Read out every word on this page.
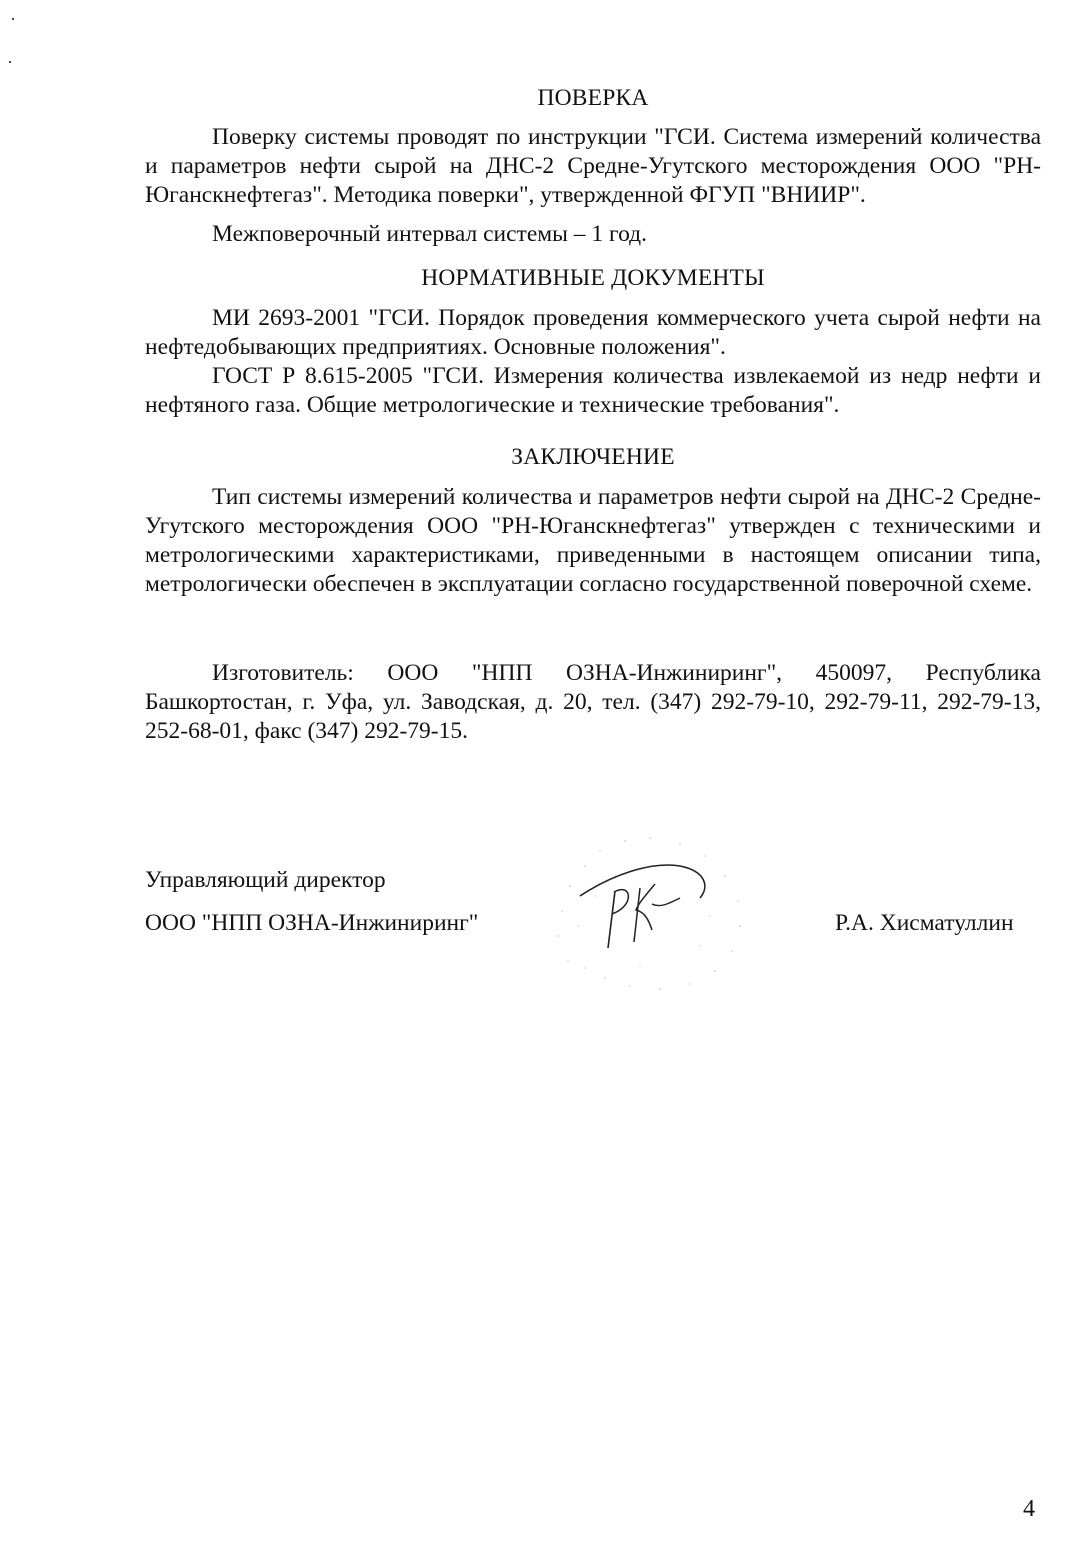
ПОВЕРКА

Поверку системы проводят по инструкции "ГСИ. Система измерений количества и параметров нефти сырой на ДНС-2 Средне-Угутского месторождения ООО "РН-Юганскнефтегаз". Методика поверки", утвержденной ФГУП "ВНИИР".

Межповерочный интервал системы – 1 год.

НОРМАТИВНЫЕ ДОКУМЕНТЫ

МИ 2693-2001 "ГСИ. Порядок проведения коммерческого учета сырой нефти на нефтедобывающих предприятиях. Основные положения".

ГОСТ Р 8.615-2005 "ГСИ. Измерения количества извлекаемой из недр нефти и нефтяного газа. Общие метрологические и технические требования".

ЗАКЛЮЧЕНИЕ

Тип системы измерений количества и параметров нефти сырой на ДНС-2 Средне-Угутского месторождения ООО "РН-Юганскнефтегаз" утвержден с техническими и метрологическими характеристиками, приведенными в настоящем описании типа, метрологически обеспечен в эксплуатации согласно государственной поверочной схеме.

Изготовитель: ООО "НПП ОЗНА-Инжиниринг", 450097, Республика Башкортостан, г. Уфа, ул. Заводская, д. 20, тел. (347) 292-79-10, 292-79-11, 292-79-13, 252-68-01, факс (347) 292-79-15.

Управляющий директор
ООО "НПП ОЗНА-Инжиниринг"	Р.А. Хисматуллин
4
